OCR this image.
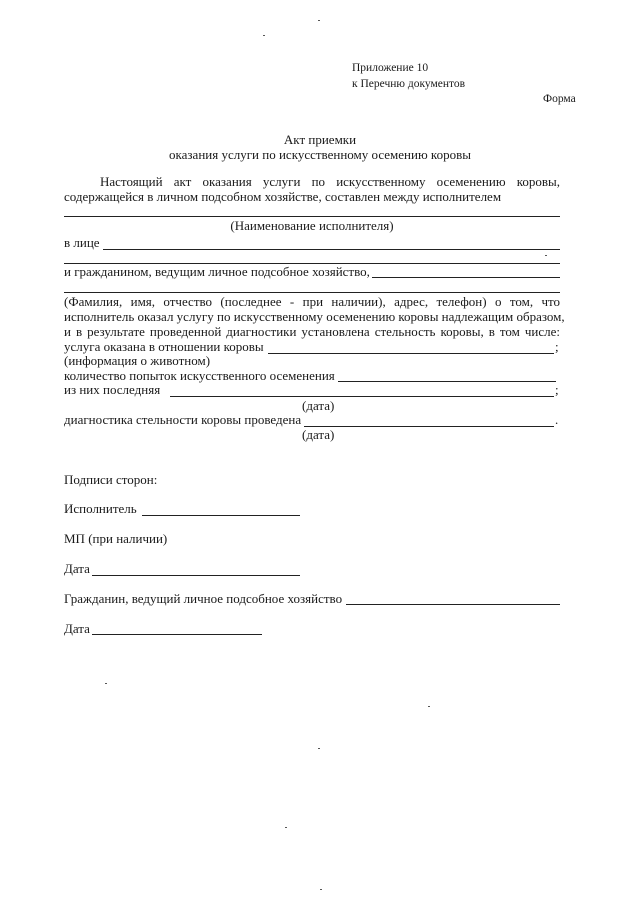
Приложение 10
к Перечню документов
Форма
Акт приемки
оказания услуги по искусственному осемению коровы
Настоящий акт оказания услуги по искусственному осеменению коровы,
содержащейся в личном подсобном хозяйстве, составлен между исполнителем
(Наименование исполнителя)
в лице
и гражданином, ведущим личное подсобное хозяйство,
(Фамилия, имя, отчество (последнее - при наличии), адрес, телефон) о том, что
исполнитель оказал услугу по искусственному осеменению коровы надлежащим образом,
и в результате проведенной диагностики установлена стельность коровы, в том числе:
услуга оказана в отношении коровы	;
(информация о животном)
количество попыток искусственного осеменения
из них последняя	;
(дата)
диагностика стельности коровы проведена	.
(дата)
Подписи сторон:
Исполнитель
МП (при наличии)
Дата
Гражданин, ведущий личное подсобное хозяйство
Дата
